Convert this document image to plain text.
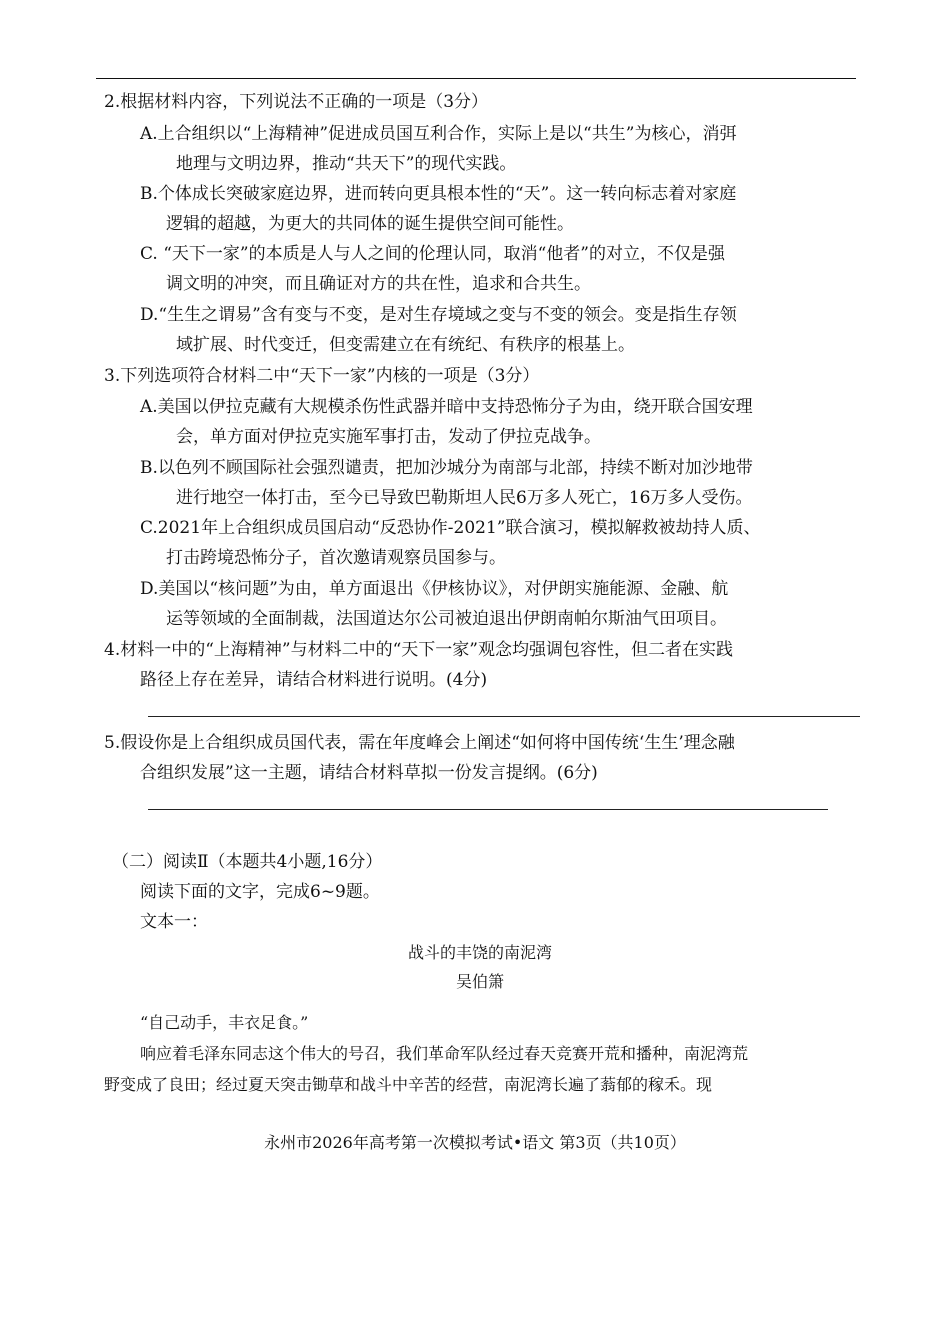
2.根据材料内容，下列说法不正确的一项是（3分）
A.上合组织以“上海精神”促进成员国互利合作，实际上是以“共生”为核心，消弭
地理与文明边界，推动“共天下”的现代实践。
B.个体成长突破家庭边界，进而转向更具根本性的“天”。这一转向标志着对家庭
逻辑的超越，为更大的共同体的诞生提供空间可能性。
C. “天下一家”的本质是人与人之间的伦理认同，取消“他者”的对立，不仅是强
调文明的冲突，而且确证对方的共在性，追求和合共生。
D.“生生之谓易”含有变与不变，是对生存境域之变与不变的领会。变是指生存领
域扩展、时代变迁，但变需建立在有统纪、有秩序的根基上。
3.下列选项符合材料二中“天下一家”内核的一项是（3分）
A.美国以伊拉克藏有大规模杀伤性武器并暗中支持恐怖分子为由，绕开联合国安理
会，单方面对伊拉克实施军事打击，发动了伊拉克战争。
B.以色列不顾国际社会强烈谴责，把加沙城分为南部与北部，持续不断对加沙地带
进行地空一体打击，至今已导致巴勒斯坦人民6万多人死亡，16万多人受伤。
C.2021年上合组织成员国启动“反恐协作-2021”联合演习，模拟解救被劫持人质、
打击跨境恐怖分子，首次邀请观察员国参与。
D.美国以“核问题”为由，单方面退出《伊核协议》，对伊朗实施能源、金融、航
运等领域的全面制裁，法国道达尔公司被迫退出伊朗南帕尔斯油气田项目。
4.材料一中的“上海精神”与材料二中的“天下一家”观念均强调包容性，但二者在实践
路径上存在差异，请结合材料进行说明。(4分)
5.假设你是上合组织成员国代表，需在年度峰会上阐述“如何将中国传统‘生生’理念融
合组织发展”这一主题，请结合材料草拟一份发言提纲。(6分)
（二）阅读Ⅱ（本题共4小题,16分）
阅读下面的文字，完成6~9题。
文本一：
战斗的丰饶的南泥湾
吴伯箫
“自己动手，丰衣足食。”
响应着毛泽东同志这个伟大的号召，我们革命军队经过春天竞赛开荒和播种，南泥湾荒
野变成了良田；经过夏天突击锄草和战斗中辛苦的经营，南泥湾长遍了蓊郁的稼禾。现
永州市2026年高考第一次模拟考试•语文 第3页（共10页）
